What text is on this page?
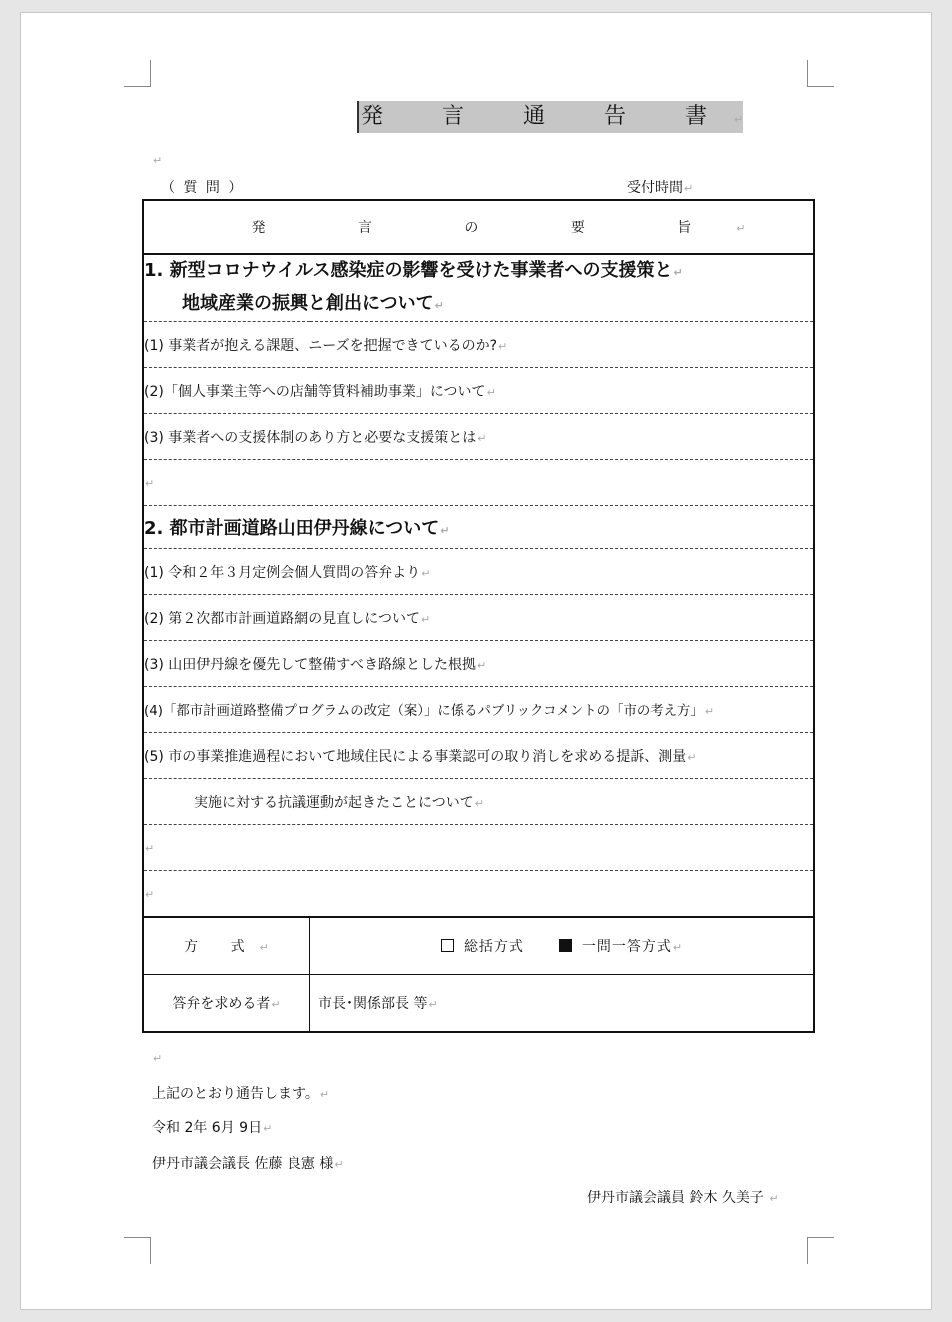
発 言 通 告 書↵
↵
（ 質 問 ）	受付時間↵
発 言 の 要 旨↵	

1. 新型コロナウイルス感染症の影響を受けた事業者への支援策と↵
地域産業の振興と創出について↵	

(1) 事業者が抱える課題、ニーズを把握できているのか?↵	
(2)「個人事業主等への店舗等賃料補助事業」について↵	
(3) 事業者への支援体制のあり方と必要な支援策とは↵	
↵	
2. 都市計画道路山田伊丹線について↵	
(1) 令和２年３月定例会個人質問の答弁より↵	
(2) 第２次都市計画道路網の見直しについて↵	
(3) 山田伊丹線を優先して整備すべき路線とした根拠↵	
(4)「都市計画道路整備プログラムの改定（案）」に係るパブリックコメントの「市の考え方」↵	
(5) 市の事業推進過程において地域住民による事業認可の取り消しを求める提訴、測量↵	
実施に対する抗議運動が起きたことについて↵	
↵	
↵	
方 式↵	総括方式 一問一答方式↵
答弁を求める者↵	市長･関係部長 等↵
↵
上記のとおり通告します。↵
令和 2年 6月 9日↵
伊丹市議会議長 佐藤 良憲 様↵
伊丹市議会議員 鈴木 久美子 ↵
